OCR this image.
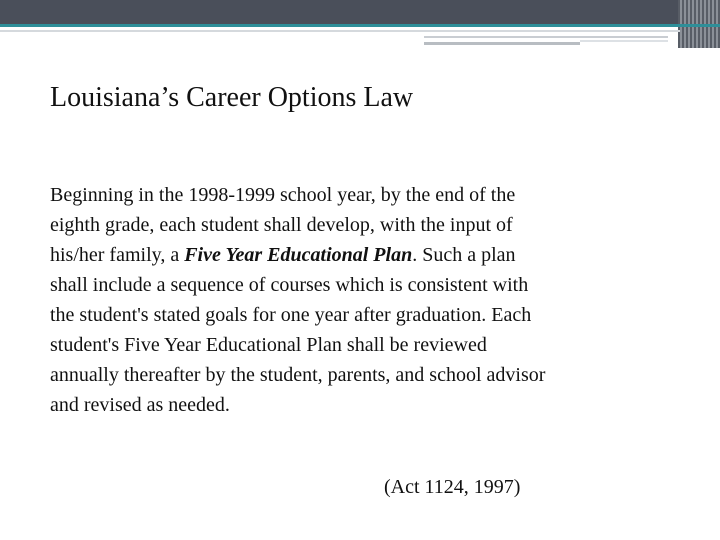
Louisiana’s Career Options Law

Beginning in the 1998-1999 school year, by the end of the eighth grade, each student shall develop, with the input of his/her family, a Five Year Educational Plan. Such a plan shall include a sequence of courses which is consistent with the student's stated goals for one year after graduation. Each student's Five Year Educational Plan shall be reviewed annually thereafter by the student, parents, and school advisor and revised as needed.

(Act 1124, 1997)
